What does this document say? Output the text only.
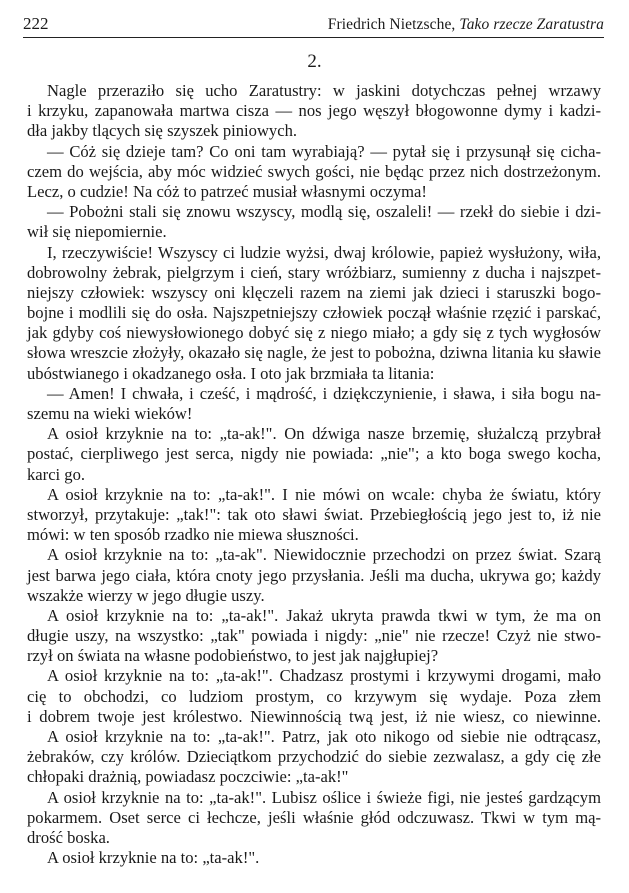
222	Friedrich Nietzsche, Tako rzecze Zaratustra
2.
Nagle przeraziło się ucho Zaratustry: w jaskini dotychczas pełnej wrzawy
i krzyku, zapanowała martwa cisza — nos jego węszył błogowonne dymy i kadzi-
dła jakby tlących się szyszek piniowych.
— Cóż się dzieje tam? Co oni tam wyrabiają? — pytał się i przysunął się cicha-
czem do wejścia, aby móc widzieć swych gości, nie będąc przez nich dostrzeżonym.
Lecz, o cudzie! Na cóż to patrzeć musiał własnymi oczyma!
— Pobożni stali się znowu wszyscy, modlą się, oszaleli! — rzekł do siebie i dzi-
wił się niepomiernie.
I, rzeczywiście! Wszyscy ci ludzie wyżsi, dwaj królowie, papież wysłużony, wiła,
dobrowolny żebrak, pielgrzym i cień, stary wróżbiarz, sumienny z ducha i najszpet-
niejszy człowiek: wszyscy oni klęczeli razem na ziemi jak dzieci i staruszki bogo-
bojne i modlili się do osła. Najszpetniejszy człowiek począł właśnie rzęzić i parskać,
jak gdyby coś niewysłowionego dobyć się z niego miało; a gdy się z tych wygłosów
słowa wreszcie złożyły, okazało się nagle, że jest to pobożna, dziwna litania ku sławie
ubóstwianego i okadzanego osła. I oto jak brzmiała ta litania:
— Amen! I chwała, i cześć, i mądrość, i dziękczynienie, i sława, i siła bogu na-
szemu na wieki wieków!
A osioł krzyknie na to: „ta-ak!". On dźwiga nasze brzemię, służalczą przybrał
postać, cierpliwego jest serca, nigdy nie powiada: „nie"; a kto boga swego kocha,
karci go.
A osioł krzyknie na to: „ta-ak!". I nie mówi on wcale: chyba że światu, który
stworzył, przytakuje: „tak!": tak oto sławi świat. Przebiegłością jego jest to, iż nie
mówi: w ten sposób rzadko nie miewa słuszności.
A osioł krzyknie na to: „ta-ak". Niewidocznie przechodzi on przez świat. Szarą
jest barwa jego ciała, która cnoty jego przysłania. Jeśli ma ducha, ukrywa go; każdy
wszakże wierzy w jego długie uszy.
A osioł krzyknie na to: „ta-ak!". Jakaż ukryta prawda tkwi w tym, że ma on
długie uszy, na wszystko: „tak" powiada i nigdy: „nie" nie rzecze! Czyż nie stwo-
rzył on świata na własne podobieństwo, to jest jak najgłupiej?
A osioł krzyknie na to: „ta-ak!". Chadzasz prostymi i krzywymi drogami, mało
cię to obchodzi, co ludziom prostym, co krzywym się wydaje. Poza złem
i dobrem twoje jest królestwo. Niewinnością twą jest, iż nie wiesz, co niewinne.
A osioł krzyknie na to: „ta-ak!". Patrz, jak oto nikogo od siebie nie odtrącasz,
żebraków, czy królów. Dzieciątkom przychodzić do siebie zezwalasz, a gdy cię złe
chłopaki drażnią, powiadasz poczciwie: „ta-ak!"
A osioł krzyknie na to: „ta-ak!". Lubisz oślice i świeże figi, nie jesteś gardzącym
pokarmem. Oset serce ci łechcze, jeśli właśnie głód odczuwasz. Tkwi w tym mą-
drość boska.
A osioł krzyknie na to: „ta-ak!".
